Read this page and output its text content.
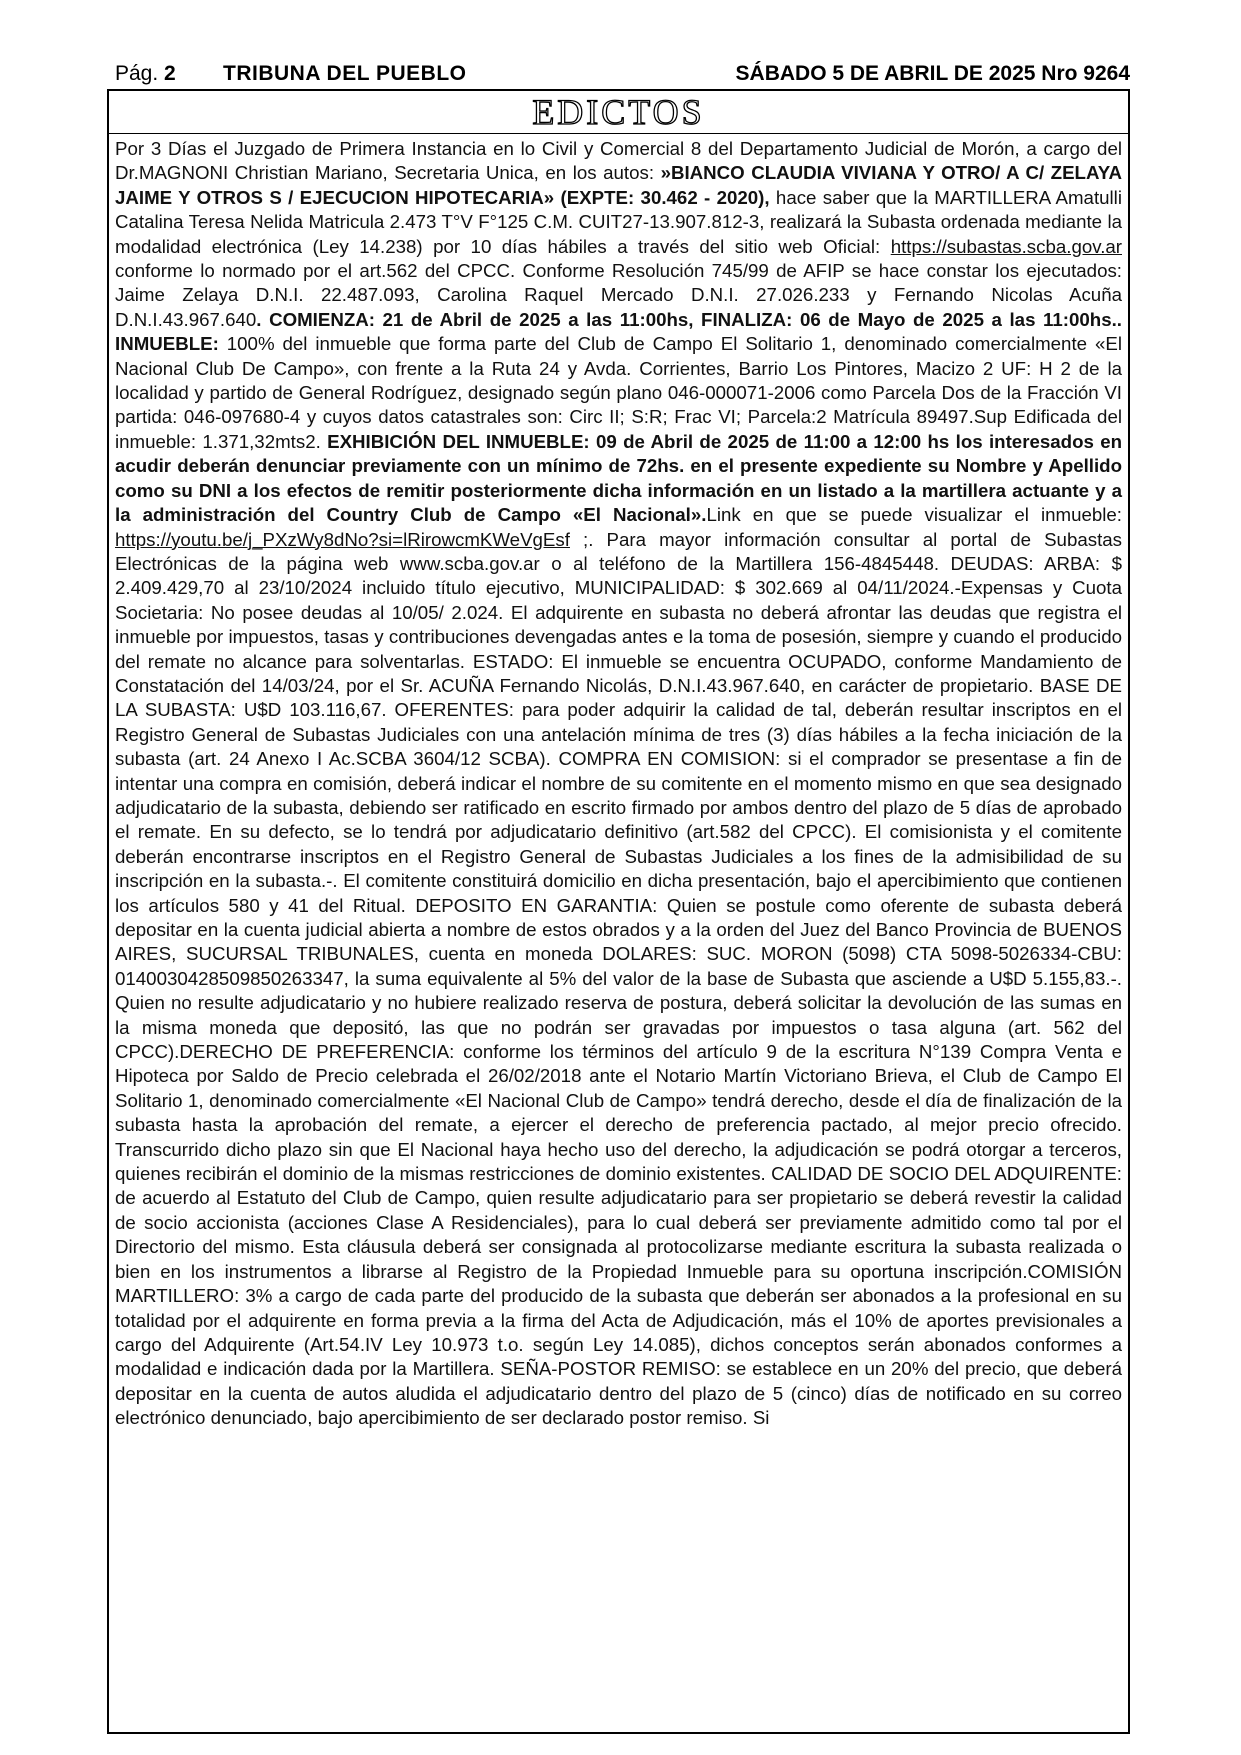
Pág. 2 TRIBUNA DEL PUEBLO	SÁBADO 5 DE ABRIL DE 2025 Nro 9264
EDICTOS
Por 3 Días el Juzgado de Primera Instancia en lo Civil y Comercial 8 del Departamento Judicial de Morón, a cargo del Dr.MAGNONI Christian Mariano, Secretaria Unica, en los autos: »BIANCO CLAUDIA VIVIANA Y OTRO/ A C/ ZELAYA JAIME Y OTROS S / EJECUCION HIPOTECARIA» (EXPTE: 30.462 - 2020), hace saber que la MARTILLERA Amatulli Catalina Teresa Nelida Matricula 2.473 T°V F°125 C.M. CUIT27-13.907.812-3, realizará la Subasta ordenada mediante la modalidad electrónica (Ley 14.238) por 10 días hábiles a través del sitio web Oficial: https://subastas.scba.gov.ar conforme lo normado por el art.562 del CPCC. Conforme Resolución 745/99 de AFIP se hace constar los ejecutados: Jaime Zelaya D.N.I. 22.487.093, Carolina Raquel Mercado D.N.I. 27.026.233 y Fernando Nicolas Acuña D.N.I.43.967.640. COMIENZA: 21 de Abril de 2025 a las 11:00hs, FINALIZA: 06 de Mayo de 2025 a las 11:00hs.. INMUEBLE: 100% del inmueble que forma parte del Club de Campo El Solitario 1, denominado comercialmente «El Nacional Club De Campo», con frente a la Ruta 24 y Avda. Corrientes, Barrio Los Pintores, Macizo 2 UF: H 2 de la localidad y partido de General Rodríguez, designado según plano 046-000071-2006 como Parcela Dos de la Fracción VI partida: 046-097680-4 y cuyos datos catastrales son: Circ II; S:R; Frac VI; Parcela:2 Matrícula 89497.Sup Edificada del inmueble: 1.371,32mts2. EXHIBICIÓN DEL INMUEBLE: 09 de Abril de 2025 de 11:00 a 12:00 hs los interesados en acudir deberán denunciar previamente con un mínimo de 72hs. en el presente expediente su Nombre y Apellido como su DNI a los efectos de remitir posteriormente dicha información en un listado a la martillera actuante y a la administración del Country Club de Campo «El Nacional».Link en que se puede visualizar el inmueble: https://youtu.be/j_PXzWy8dNo?si=lRirowcmKWeVgEsf ;. Para mayor información consultar al portal de Subastas Electrónicas de la página web www.scba.gov.ar o al teléfono de la Martillera 156-4845448. DEUDAS: ARBA: $ 2.409.429,70 al 23/10/2024 incluido título ejecutivo, MUNICIPALIDAD: $ 302.669 al 04/11/2024.-Expensas y Cuota Societaria: No posee deudas al 10/05/ 2.024. El adquirente en subasta no deberá afrontar las deudas que registra el inmueble por impuestos, tasas y contribuciones devengadas antes e la toma de posesión, siempre y cuando el producido del remate no alcance para solventarlas. ESTADO: El inmueble se encuentra OCUPADO, conforme Mandamiento de Constatación del 14/03/24, por el Sr. ACUÑA Fernando Nicolás, D.N.I.43.967.640, en carácter de propietario. BASE DE LA SUBASTA: U$D 103.116,67. OFERENTES: para poder adquirir la calidad de tal, deberán resultar inscriptos en el Registro General de Subastas Judiciales con una antelación mínima de tres (3) días hábiles a la fecha iniciación de la subasta (art. 24 Anexo I Ac.SCBA 3604/12 SCBA). COMPRA EN COMISION: si el comprador se presentase a fin de intentar una compra en comisión, deberá indicar el nombre de su comitente en el momento mismo en que sea designado adjudicatario de la subasta, debiendo ser ratificado en escrito firmado por ambos dentro del plazo de 5 días de aprobado el remate. En su defecto, se lo tendrá por adjudicatario definitivo (art.582 del CPCC). El comisionista y el comitente deberán encontrarse inscriptos en el Registro General de Subastas Judiciales a los fines de la admisibilidad de su inscripción en la subasta.-. El comitente constituirá domicilio en dicha presentación, bajo el apercibimiento que contienen los artículos 580 y 41 del Ritual. DEPOSITO EN GARANTIA: Quien se postule como oferente de subasta deberá depositar en la cuenta judicial abierta a nombre de estos obrados y a la orden del Juez del Banco Provincia de BUENOS AIRES, SUCURSAL TRIBUNALES, cuenta en moneda DOLARES: SUC. MORON (5098) CTA 5098-5026334-CBU: 0140030428509850263347, la suma equivalente al 5% del valor de la base de Subasta que asciende a U$D 5.155,83.-. Quien no resulte adjudicatario y no hubiere realizado reserva de postura, deberá solicitar la devolución de las sumas en la misma moneda que depositó, las que no podrán ser gravadas por impuestos o tasa alguna (art. 562 del CPCC).DERECHO DE PREFERENCIA: conforme los términos del artículo 9 de la escritura N°139 Compra Venta e Hipoteca por Saldo de Precio celebrada el 26/02/2018 ante el Notario Martín Victoriano Brieva, el Club de Campo El Solitario 1, denominado comercialmente «El Nacional Club de Campo» tendrá derecho, desde el día de finalización de la subasta hasta la aprobación del remate, a ejercer el derecho de preferencia pactado, al mejor precio ofrecido. Transcurrido dicho plazo sin que El Nacional haya hecho uso del derecho, la adjudicación se podrá otorgar a terceros, quienes recibirán el dominio de la mismas restricciones de dominio existentes. CALIDAD DE SOCIO DEL ADQUIRENTE: de acuerdo al Estatuto del Club de Campo, quien resulte adjudicatario para ser propietario se deberá revestir la calidad de socio accionista (acciones Clase A Residenciales), para lo cual deberá ser previamente admitido como tal por el Directorio del mismo. Esta cláusula deberá ser consignada al protocolizarse mediante escritura la subasta realizada o bien en los instrumentos a librarse al Registro de la Propiedad Inmueble para su oportuna inscripción.COMISIÓN MARTILLERO: 3% a cargo de cada parte del producido de la subasta que deberán ser abonados a la profesional en su totalidad por el adquirente en forma previa a la firma del Acta de Adjudicación, más el 10% de aportes previsionales a cargo del Adquirente (Art.54.IV Ley 10.973 t.o. según Ley 14.085), dichos conceptos serán abonados conformes a modalidad e indicación dada por la Martillera. SEÑA-POSTOR REMISO: se establece en un 20% del precio, que deberá depositar en la cuenta de autos aludida el adjudicatario dentro del plazo de 5 (cinco) días de notificado en su correo electrónico denunciado, bajo apercibimiento de ser declarado postor remiso. Si
